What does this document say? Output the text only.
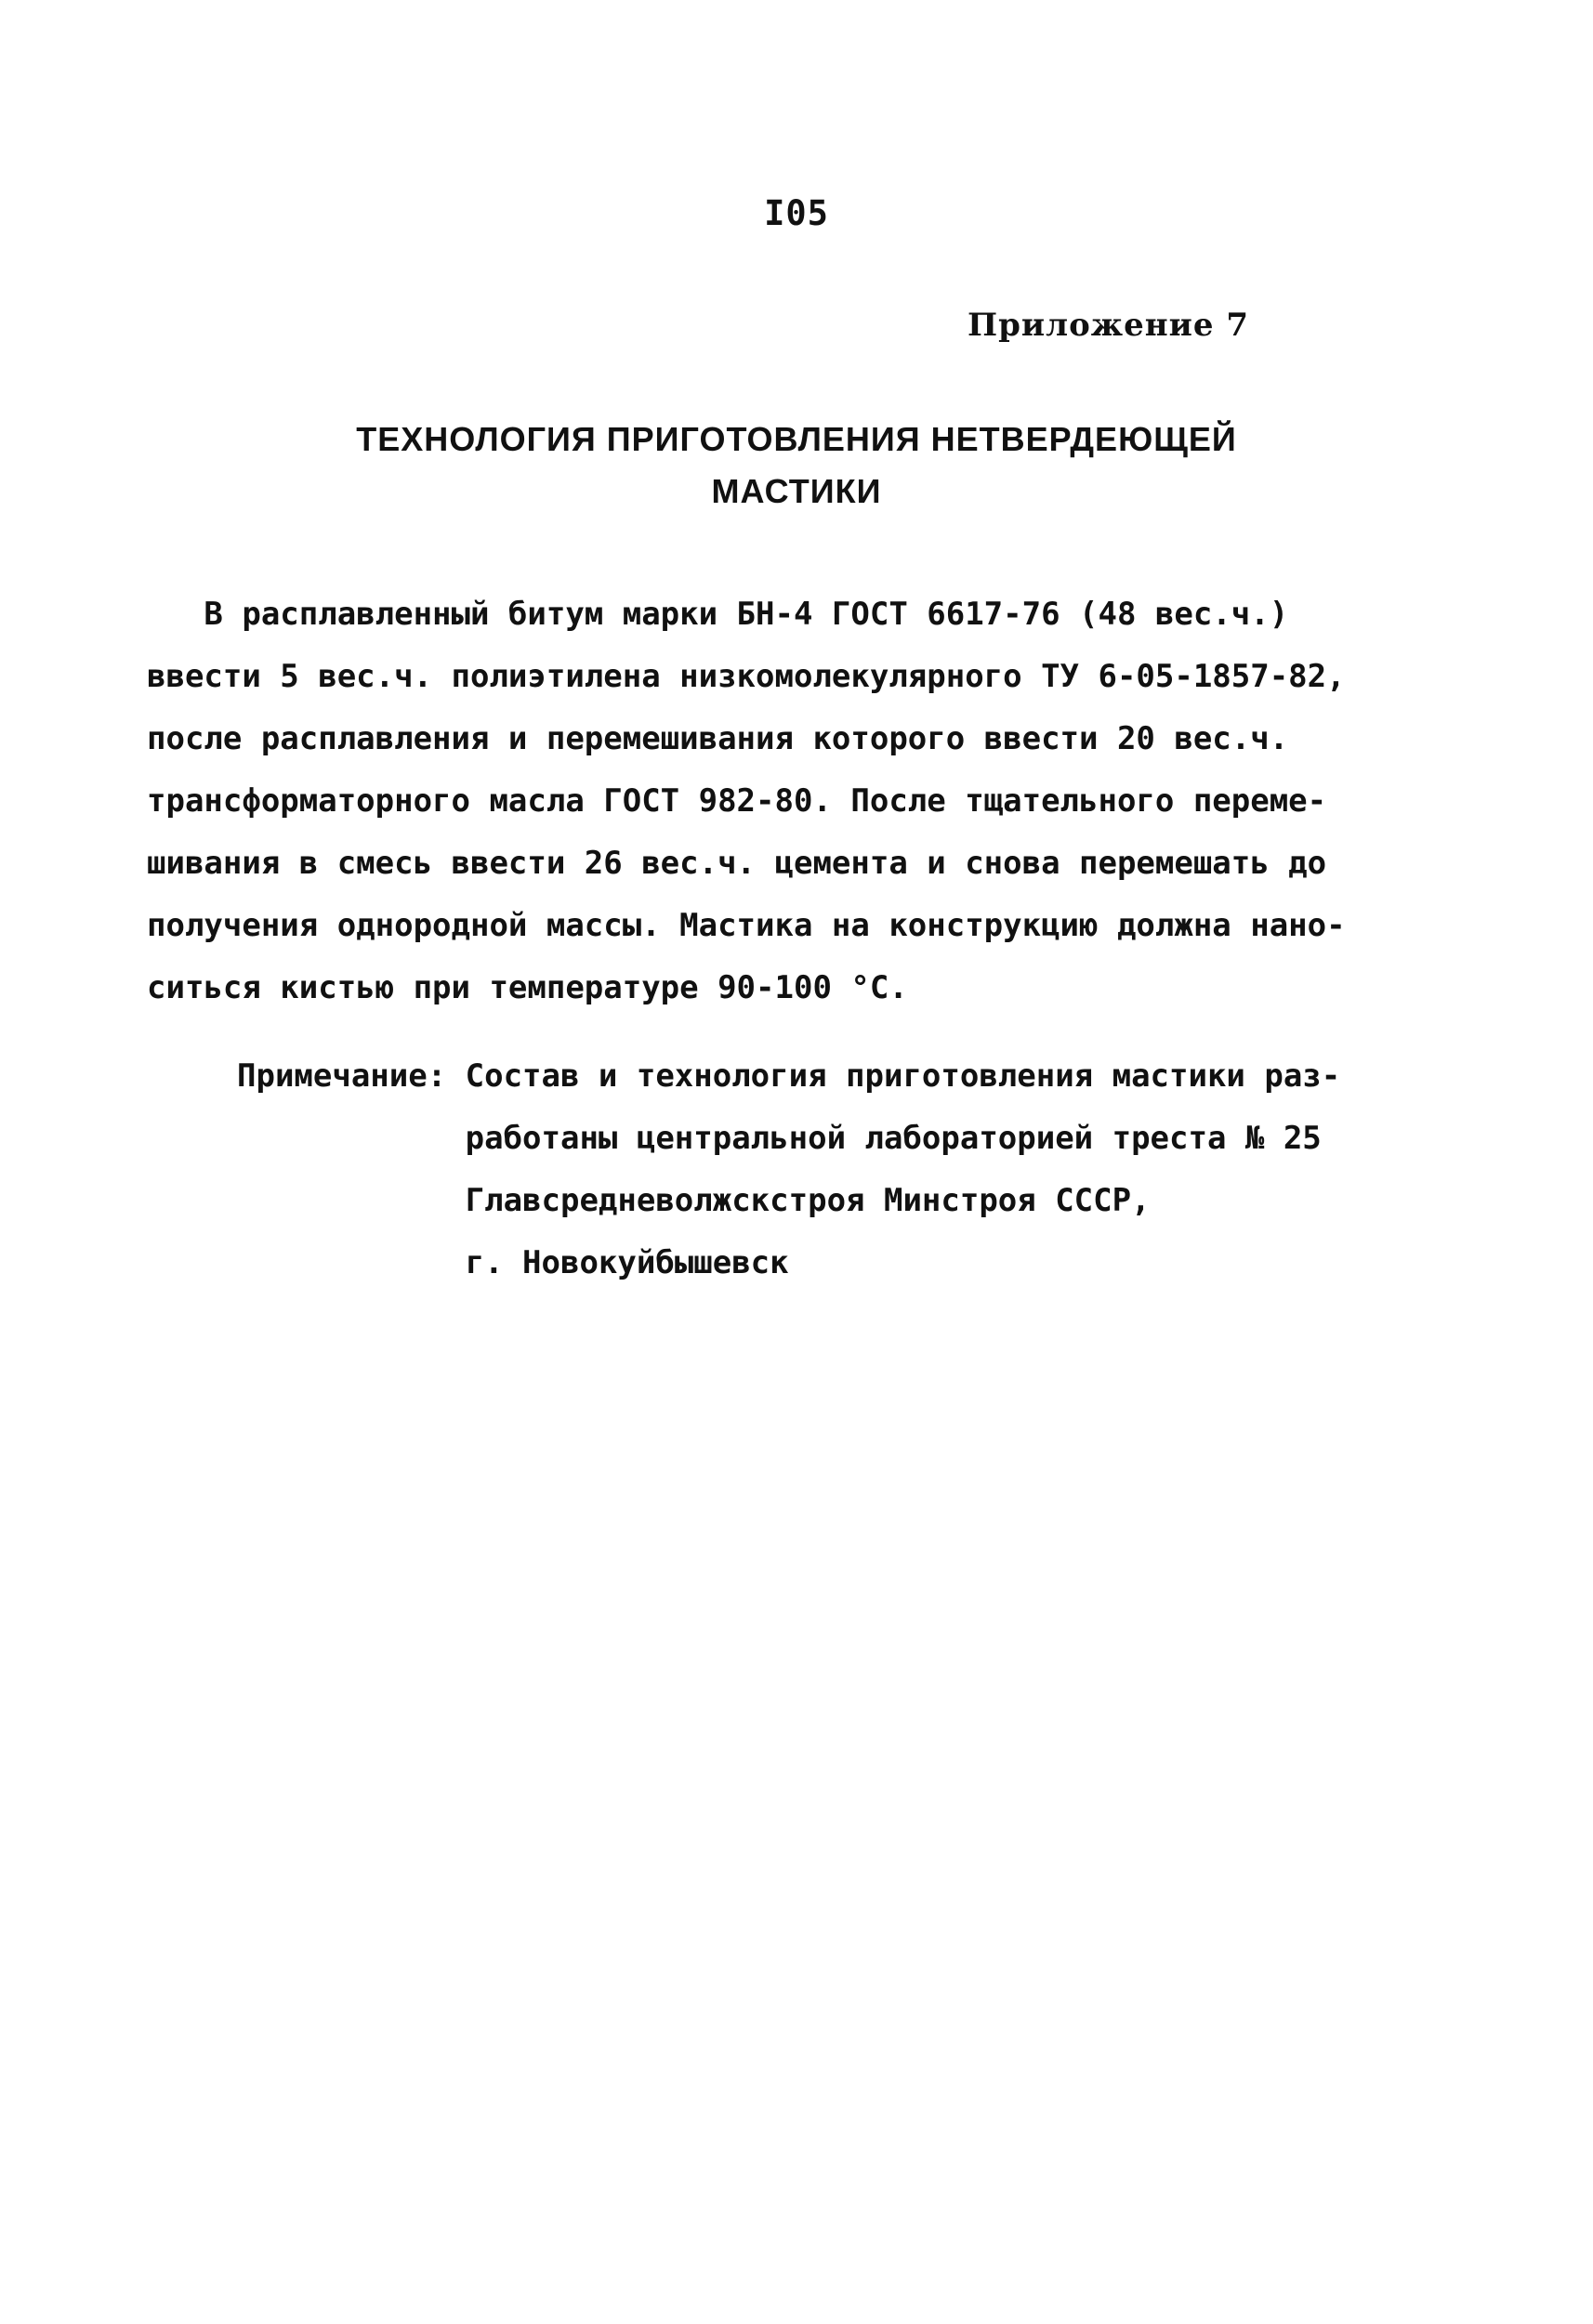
I05
Приложение 7
ТЕХНОЛОГИЯ ПРИГОТОВЛЕНИЯ НЕТВЕРДЕЮЩЕЙ
МАСТИКИ
В расплавленный битум марки БН-4 ГОСТ 6617-76 (48 вес.ч.)
ввести 5 вес.ч. полиэтилена низкомолекулярного ТУ 6-05-1857-82,
после расплавления и перемешивания которого ввести 20 вес.ч.
трансформаторного масла ГОСТ 982-80. После тщательного переме-
шивания в смесь ввести 26 вес.ч. цемента и снова перемешать до
получения однородной массы. Мастика на конструкцию должна нано-
ситься кистью при температуре 90-100 °С.
Примечание: Состав и технология приготовления мастики раз-
работаны центральной лабораторией треста № 25
Главсредневолжскстроя Минстроя СССР,
г. Новокуйбышевск
